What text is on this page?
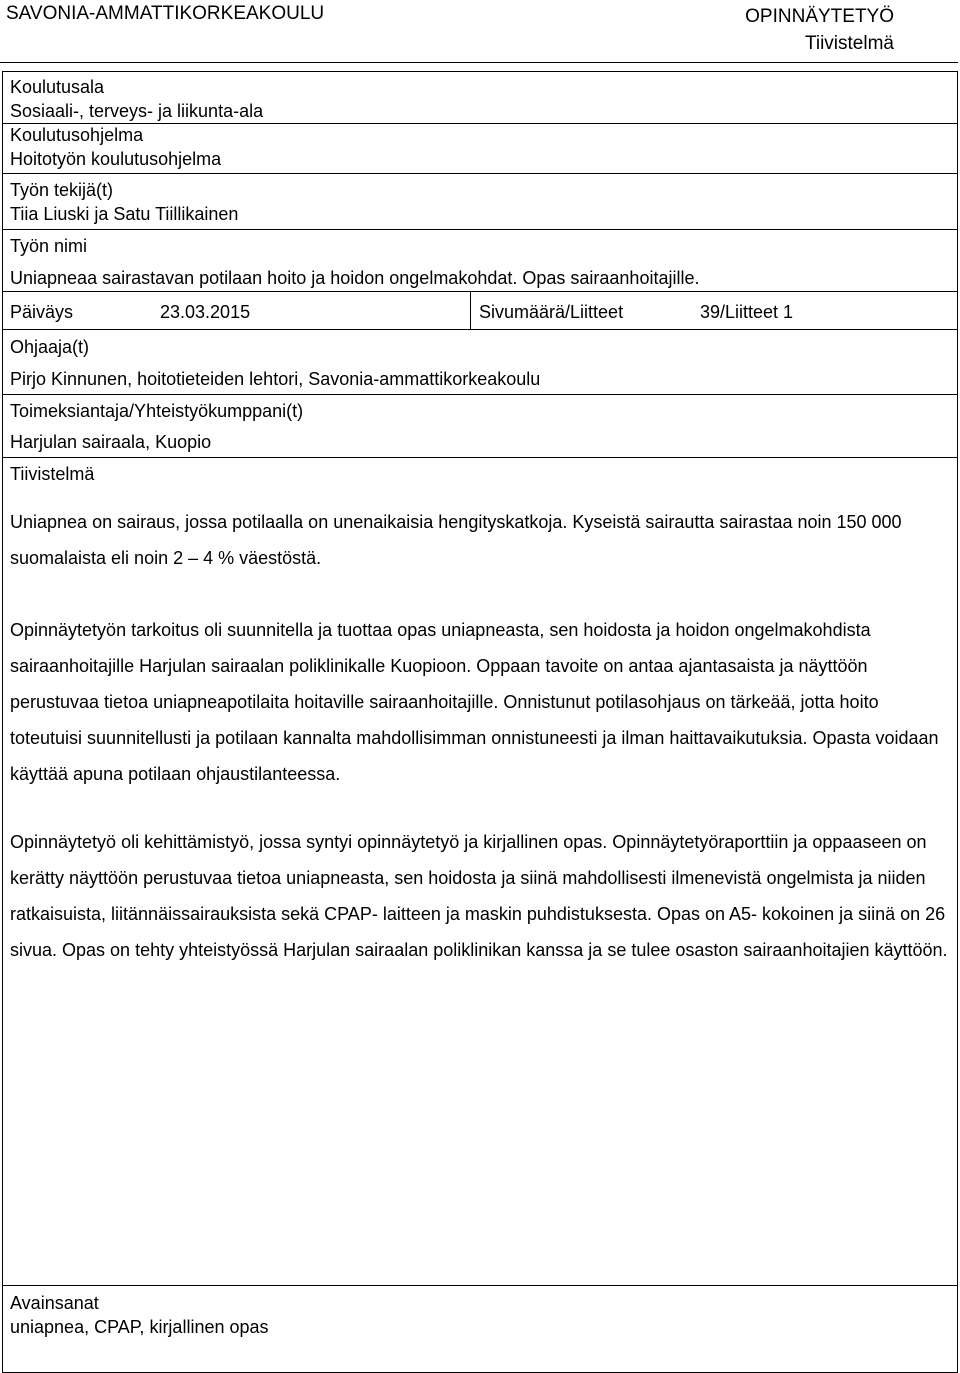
SAVONIA-AMMATTIKORKEAKOULU	OPINNÄYTETYÖ
Tiivistelmä
Koulutusala
Sosiaali-, terveys- ja liikunta-ala
Koulutusohjelma
Hoitotyön koulutusohjelma
Työn tekijä(t)
Tiia Liuski ja Satu Tiillikainen
Työn nimi
Uniapneaa sairastavan potilaan hoito ja hoidon ongelmakohdat. Opas sairaanhoitajille.
Päiväys	23.03.2015	Sivumäärä/Liitteet	39/Liitteet 1
Ohjaaja(t)
Pirjo Kinnunen, hoitotieteiden lehtori, Savonia-ammattikorkeakoulu
Toimeksiantaja/Yhteistyökumppani(t)
Harjulan sairaala, Kuopio
Tiivistelmä
Uniapnea on sairaus, jossa potilaalla on unenaikaisia hengityskatkoja. Kyseistä sairautta sairastaa noin 150 000 suomalaista eli noin 2 – 4 % väestöstä.
Opinnäytetyön tarkoitus oli suunnitella ja tuottaa opas uniapneasta, sen hoidosta ja hoidon ongelmakohdista sairaanhoitajille Harjulan sairaalan poliklinikalle Kuopioon. Oppaan tavoite on antaa ajantasaista ja näyttöön perustuvaa tietoa uniapneapotilaita hoitaville sairaanhoitajille. Onnistunut potilasohjaus on tärkeää, jotta hoito toteutuisi suunnitellusti ja potilaan kannalta mahdollisimman onnistuneesti ja ilman haittavaikutuksia. Opasta voidaan käyttää apuna potilaan ohjaustilanteessa.
Opinnäytetyö oli kehittämistyö, jossa syntyi opinnäytetyö ja kirjallinen opas. Opinnäytetyöraporttiin ja oppaaseen on kerätty näyttöön perustuvaa tietoa uniapneasta, sen hoidosta ja siinä mahdollisesti ilmenevistä ongelmista ja niiden ratkaisuista, liitännäissairauksista sekä CPAP- laitteen ja maskin puhdistuksesta. Opas on A5- kokoinen ja siinä on 26 sivua. Opas on tehty yhteistyössä Harjulan sairaalan poliklinikan kanssa ja se tulee osaston sairaanhoitajien käyttöön.
Avainsanat
uniapnea, CPAP, kirjallinen opas
